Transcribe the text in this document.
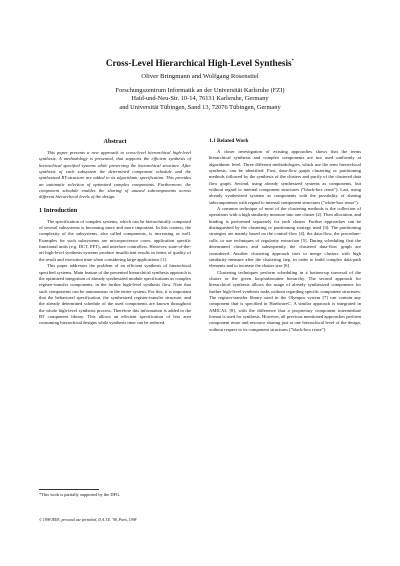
Cross-Level Hierarchical High-Level Synthesis*

Oliver Bringmann and Wolfgang Rosenstiel

Forschungszentrum Informatik an der Universität Karlsruhe (FZI)

Haid-und-Neu-Str. 10-14, 76131 Karlsruhe, Germany

and Universität Tübingen, Sand 13, 72076 Tübingen, Germany

Abstract

This paper presents a new approach to cross-level hierarchical high-level synthesis. A methodology is presented, that supports the efficient synthesis of hierarchical specified systems while preserving the hierarchical structure. After synthesis of each subsystem the determined component schedule and the synthesized RT-structure are added to its algorithmic specification. This provides an automatic selection of optimized complex components. Furthermore, the component schedule enables the sharing of unused subcomponents across different hierarchical levels of the design.

1 Introduction

The specification of complex systems, which can be hierarchically composed of several subsystems is becoming more and more important. In this context, the complexity of the subsystems, also called components, is increasing as well. Examples for such subsystems are microprocessor cores, application specific functional units (e.g. DCT, FFT), and interface controllers. However, state-of-the-art high-level synthesis systems produce insufficient results in terms of quality of the result and execution time when considering large applications [1].

This paper addresses the problem of an efficient synthesis of hierarchical specified systems. Main feature of the presented hierarchical synthesis approach is the optimized integration of already synthesized module specifications as complex register-transfer components, in the further high-level synthesis flow. Note that such components can be autonomous in the entire system. For this, it is important that the behavioral specification, the synthesized register-transfer structure, and the already determined schedule of the used components are known throughout the whole high-level synthesis process. Therefore this information is added to the RT component library. This allows an efficient specification of less area consuming hierarchical designs while synthesis time can be reduced.

1.1 Related Work

A closer investigation of existing approaches shows that the terms hierarchical synthesis and complex components are not used uniformly at algorithmic level. Three different methodologies, which use the term hierarchical synthesis, can be identified: First, data-flow graph clustering or partitioning methods followed by the synthesis of the clusters and purify of the clustered data flow graph. Second, using already synthesized systems as components, but without regard to internal component structures ("black-box reuse"). Last, using already synthesized systems as components with the possibility of sharing subcomponents with regard to internal component structures ("white-box reuse").

A common technique of most of the clustering methods is the collection of operations with a high similarity measure into one cluster [2]. Then allocation, and binding is performed separately for each cluster. Further approaches can be distinguished by the clustering or partitioning strategy used [3]. The partitioning strategies are mainly based on the control-flow [4], the data-flow, the procedure-calls, or use techniques of regularity extraction [5]. During scheduling first the determined clusters and subsequently the clustered data-flow graph are considered. Another clustering approach tries to merge clusters with high similarity measure after the clustering step, in order to build complex data-path elements and to increase the cluster size [6].

Clustering techniques perform scheduling in a bottom-up traversal of the cluster or the given loop/subroutine hierarchy. The second approach for hierarchical synthesis allows the usage of already synthesized components for further high-level synthesis tasks without regarding specific component structures. The register-transfer library used in the Olympus system [7] can contain any component that is specified in HardwareC. A similar approach is integrated in AMICAL [8], with the difference that a proprietary component intermediate format is used for synthesis. However, all previous mentioned approaches perform component reuse and resource sharing just at one hierarchical level of the design, without respect to its component structures ("black-box reuse").

*This work is partially supported by the DFG.

© 1998 IEEE, personal use permitted, D.A.T.E. '98, Paris, 1998
